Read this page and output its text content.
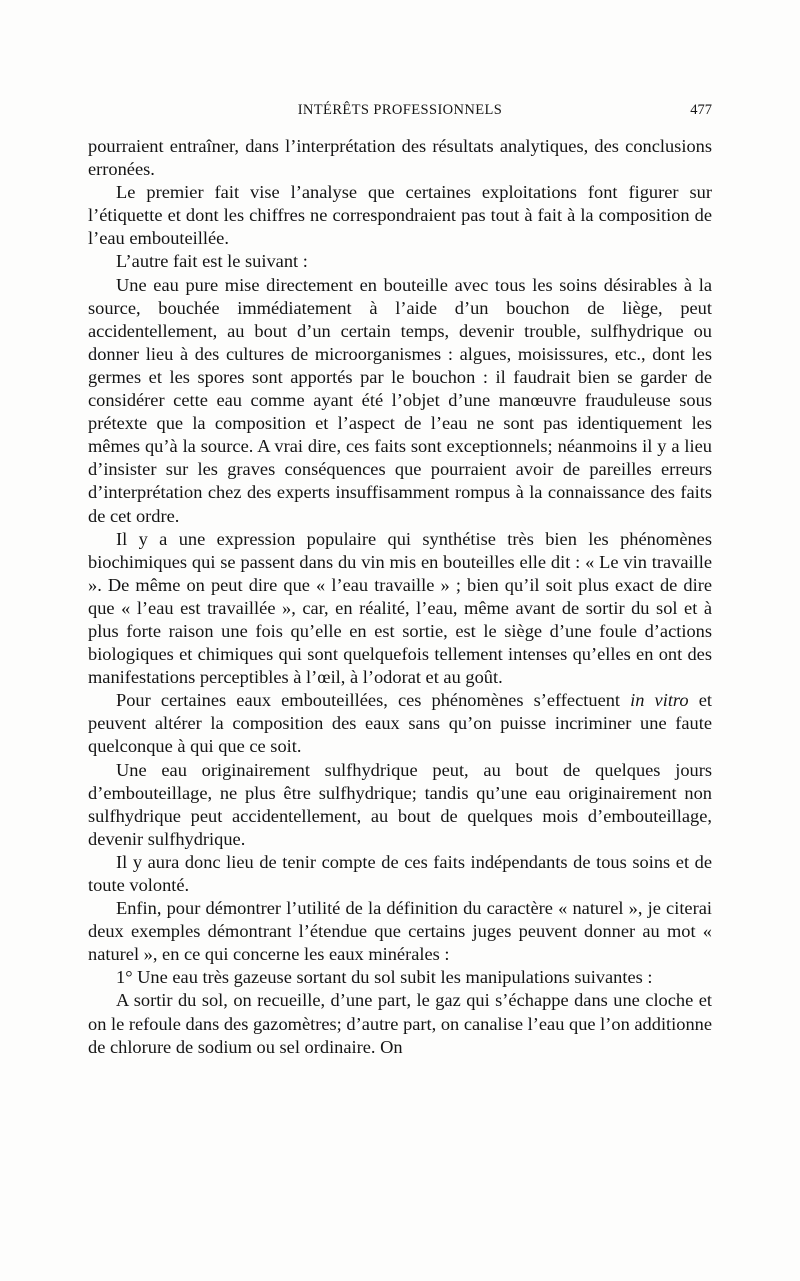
INTÉRÊTS PROFESSIONNELS	477

pourraient entraîner, dans l’interprétation des résultats analytiques, des conclusions erronées.

Le premier fait vise l’analyse que certaines exploitations font figurer sur l’étiquette et dont les chiffres ne correspondraient pas tout à fait à la composition de l’eau embouteillée.

L’autre fait est le suivant :

Une eau pure mise directement en bouteille avec tous les soins désirables à la source, bouchée immédiatement à l’aide d’un bouchon de liège, peut accidentellement, au bout d’un certain temps, devenir trouble, sulfhydrique ou donner lieu à des cultures de microorganismes : algues, moisissures, etc., dont les germes et les spores sont apportés par le bouchon : il faudrait bien se garder de considérer cette eau comme ayant été l’objet d’une manœuvre frauduleuse sous prétexte que la composition et l’aspect de l’eau ne sont pas identiquement les mêmes qu’à la source. A vrai dire, ces faits sont exceptionnels; néanmoins il y a lieu d’insister sur les graves conséquences que pourraient avoir de pareilles erreurs d’interprétation chez des experts insuffisamment rompus à la connaissance des faits de cet ordre.

Il y a une expression populaire qui synthétise très bien les phénomènes biochimiques qui se passent dans du vin mis en bouteilles elle dit : « Le vin travaille ». De même on peut dire que « l’eau travaille » ; bien qu’il soit plus exact de dire que « l’eau est travaillée », car, en réalité, l’eau, même avant de sortir du sol et à plus forte raison une fois qu’elle en est sortie, est le siège d’une foule d’actions biologiques et chimiques qui sont quelquefois tellement intenses qu’elles en ont des manifestations perceptibles à l’œil, à l’odorat et au goût.

Pour certaines eaux embouteillées, ces phénomènes s’effectuent in vitro et peuvent altérer la composition des eaux sans qu’on puisse incriminer une faute quelconque à qui que ce soit.

Une eau originairement sulfhydrique peut, au bout de quelques jours d’embouteillage, ne plus être sulfhydrique; tandis qu’une eau originairement non sulfhydrique peut accidentellement, au bout de quelques mois d’embouteillage, devenir sulfhydrique.

Il y aura donc lieu de tenir compte de ces faits indépendants de tous soins et de toute volonté.

Enfin, pour démontrer l’utilité de la définition du caractère « naturel », je citerai deux exemples démontrant l’étendue que certains juges peuvent donner au mot « naturel », en ce qui concerne les eaux minérales :

1° Une eau très gazeuse sortant du sol subit les manipulations suivantes :

A sortir du sol, on recueille, d’une part, le gaz qui s’échappe dans une cloche et on le refoule dans des gazomètres; d’autre part, on canalise l’eau que l’on additionne de chlorure de sodium ou sel ordinaire. On
